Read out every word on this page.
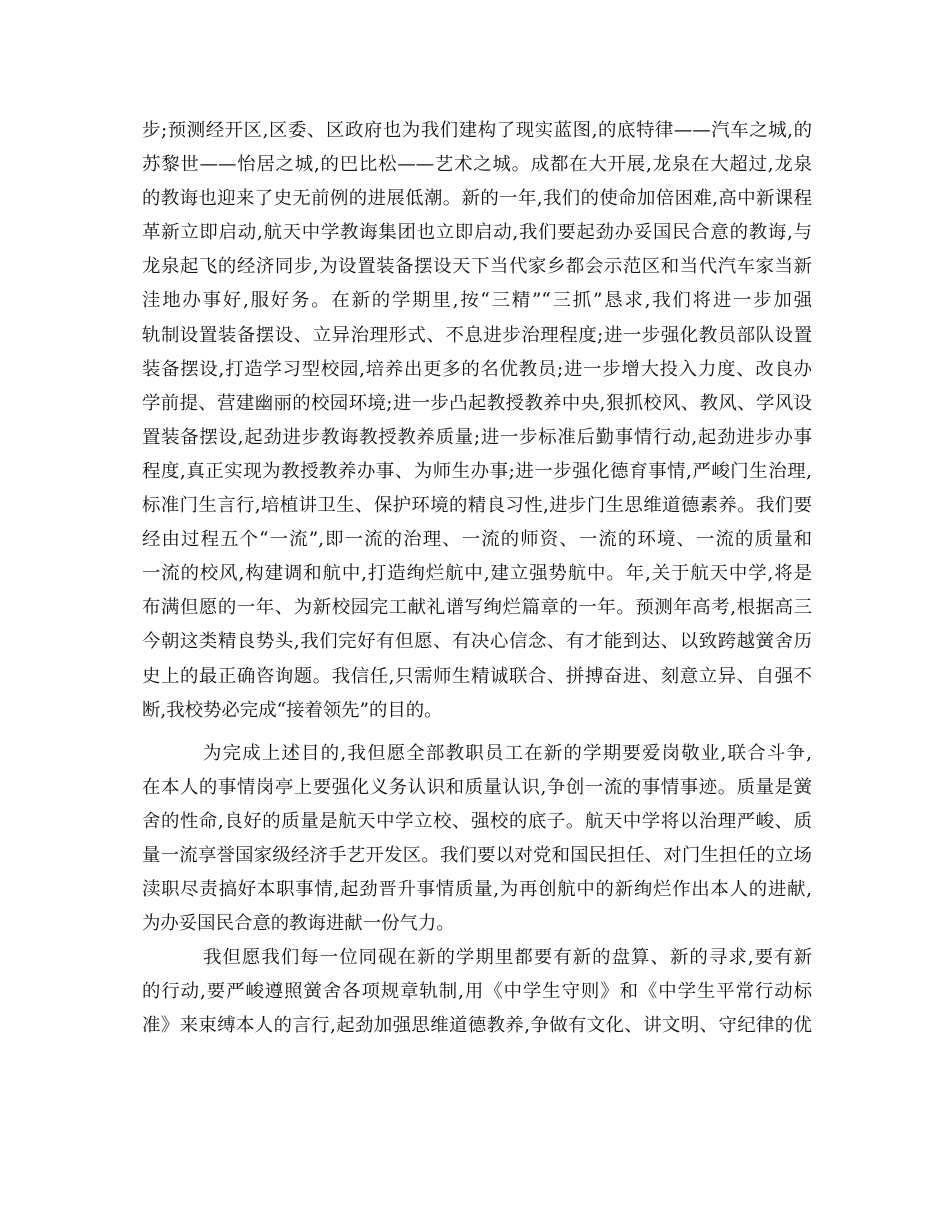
步;预测经开区,区委、区政府也为我们建构了现实蓝图,的底特律——汽车之城,的
苏黎世——怡居之城,的巴比松——艺术之城。成都在大开展,龙泉在大超过,龙泉
的教诲也迎来了史无前例的进展低潮。新的一年,我们的使命加倍困难,高中新课程
革新立即启动,航天中学教诲集团也立即启动,我们要起劲办妥国民合意的教诲,与
龙泉起飞的经济同步,为设置装备摆设天下当代家乡都会示范区和当代汽车家当新
洼地办事好,服好务。在新的学期里,按“三精”“三抓”恳求,我们将进一步加强
轨制设置装备摆设、立异治理形式、不息进步治理程度;进一步强化教员部队设置
装备摆设,打造学习型校园,培养出更多的名优教员;进一步增大投入力度、改良办
学前提、营建幽丽的校园环境;进一步凸起教授教养中央,狠抓校风、教风、学风设
置装备摆设,起劲进步教诲教授教养质量;进一步标准后勤事情行动,起劲进步办事
程度,真正实现为教授教养办事、为师生办事;进一步强化德育事情,严峻门生治理,
标准门生言行,培植讲卫生、保护环境的精良习性,进步门生思维道德素养。我们要
经由过程五个“一流”,即一流的治理、一流的师资、一流的环境、一流的质量和
一流的校风,构建调和航中,打造绚烂航中,建立强势航中。年,关于航天中学,将是
布满但愿的一年、为新校园完工献礼谱写绚烂篇章的一年。预测年高考,根据高三
今朝这类精良势头,我们完好有但愿、有决心信念、有才能到达、以致跨越黉舍历
史上的最正确咨询题。我信任,只需师生精诚联合、拼搏奋进、刻意立异、自强不
断,我校势必完成“接着领先”的目的。
为完成上述目的,我但愿全部教职员工在新的学期要爱岗敬业,联合斗争,
在本人的事情岗亭上要强化义务认识和质量认识,争创一流的事情事迹。质量是黉
舍的性命,良好的质量是航天中学立校、强校的底子。航天中学将以治理严峻、质
量一流享誉国家级经济手艺开发区。我们要以对党和国民担任、对门生担任的立场
渎职尽责搞好本职事情,起劲晋升事情质量,为再创航中的新绚烂作出本人的进献,
为办妥国民合意的教诲进献一份气力。
我但愿我们每一位同砚在新的学期里都要有新的盘算、新的寻求,要有新
的行动,要严峻遵照黉舍各项规章轨制,用《中学生守则》和《中学生平常行动标
准》来束缚本人的言行,起劲加强思维道德教养,争做有文化、讲文明、守纪律的优
